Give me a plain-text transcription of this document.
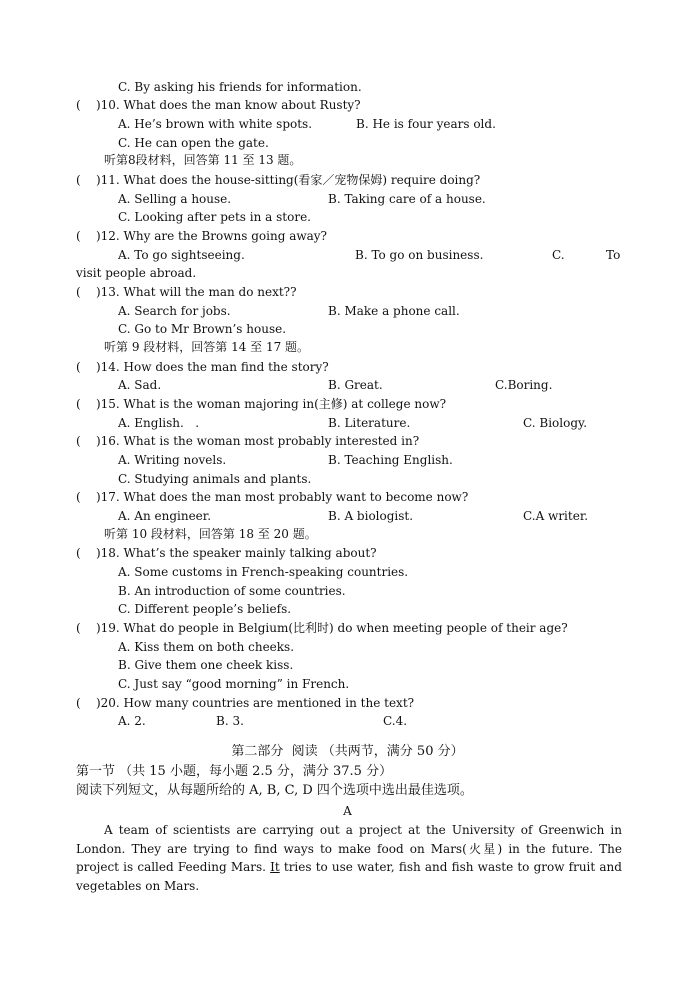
C. By asking his friends for information.
(    )10. What does the man know about Rusty?
A. He’s brown with white spots.	B. He is four years old.
C. He can open the gate.
听第8段材料，回答第 11 至 13 题。
(    )11. What does the house-sitting(看家／宠物保姆) require doing?
A. Selling a house.	B. Taking care of a house.
C. Looking after pets in a store.
(    )12. Why are the Browns going away?
A. To go sightseeing.	B. To go on business.	C.	To
visit people abroad.
(    )13. What will the man do next??
A. Search for jobs.	B. Make a phone call.
C. Go to Mr Brown’s house.
听第 9 段材料，回答第 14 至 17 题。
(    )14. How does the man find the story?
A. Sad.	B. Great.	C.Boring.
(    )15. What is the woman majoring in(主修) at college now?
A. English.   .	B. Literature.	C. Biology.
(    )16. What is the woman most probably interested in?
A. Writing novels.	B. Teaching English.
C. Studying animals and plants.
(    )17. What does the man most probably want to become now?
A. An engineer.	B. A biologist.	C.A writer.
听第 10 段材料，回答第 18 至 20 题。
(    )18. What’s the speaker mainly talking about?
A. Some customs in French-speaking countries.
B. An introduction of some countries.
C. Different people’s beliefs.
(    )19. What do people in Belgium(比利时) do when meeting people of their age?
A. Kiss them on both cheeks.
B. Give them one cheek kiss.
C. Just say “good morning” in French.
(    )20. How many countries are mentioned in the text?
A. 2.	B. 3.	C.4.
第二部分  阅读 （共两节，满分 50 分）
第一节 （共 15 小题，每小题 2.5 分，满分 37.5 分）
阅读下列短文，从每题所给的 A, B, C, D 四个选项中选出最佳选项。
A
A team of scientists are carrying out a project at the University of Greenwich in London. They are trying to find ways to make food on Mars(火星) in the future. The project is called Feeding Mars. It tries to use water, fish and fish waste to grow fruit and vegetables on Mars.
